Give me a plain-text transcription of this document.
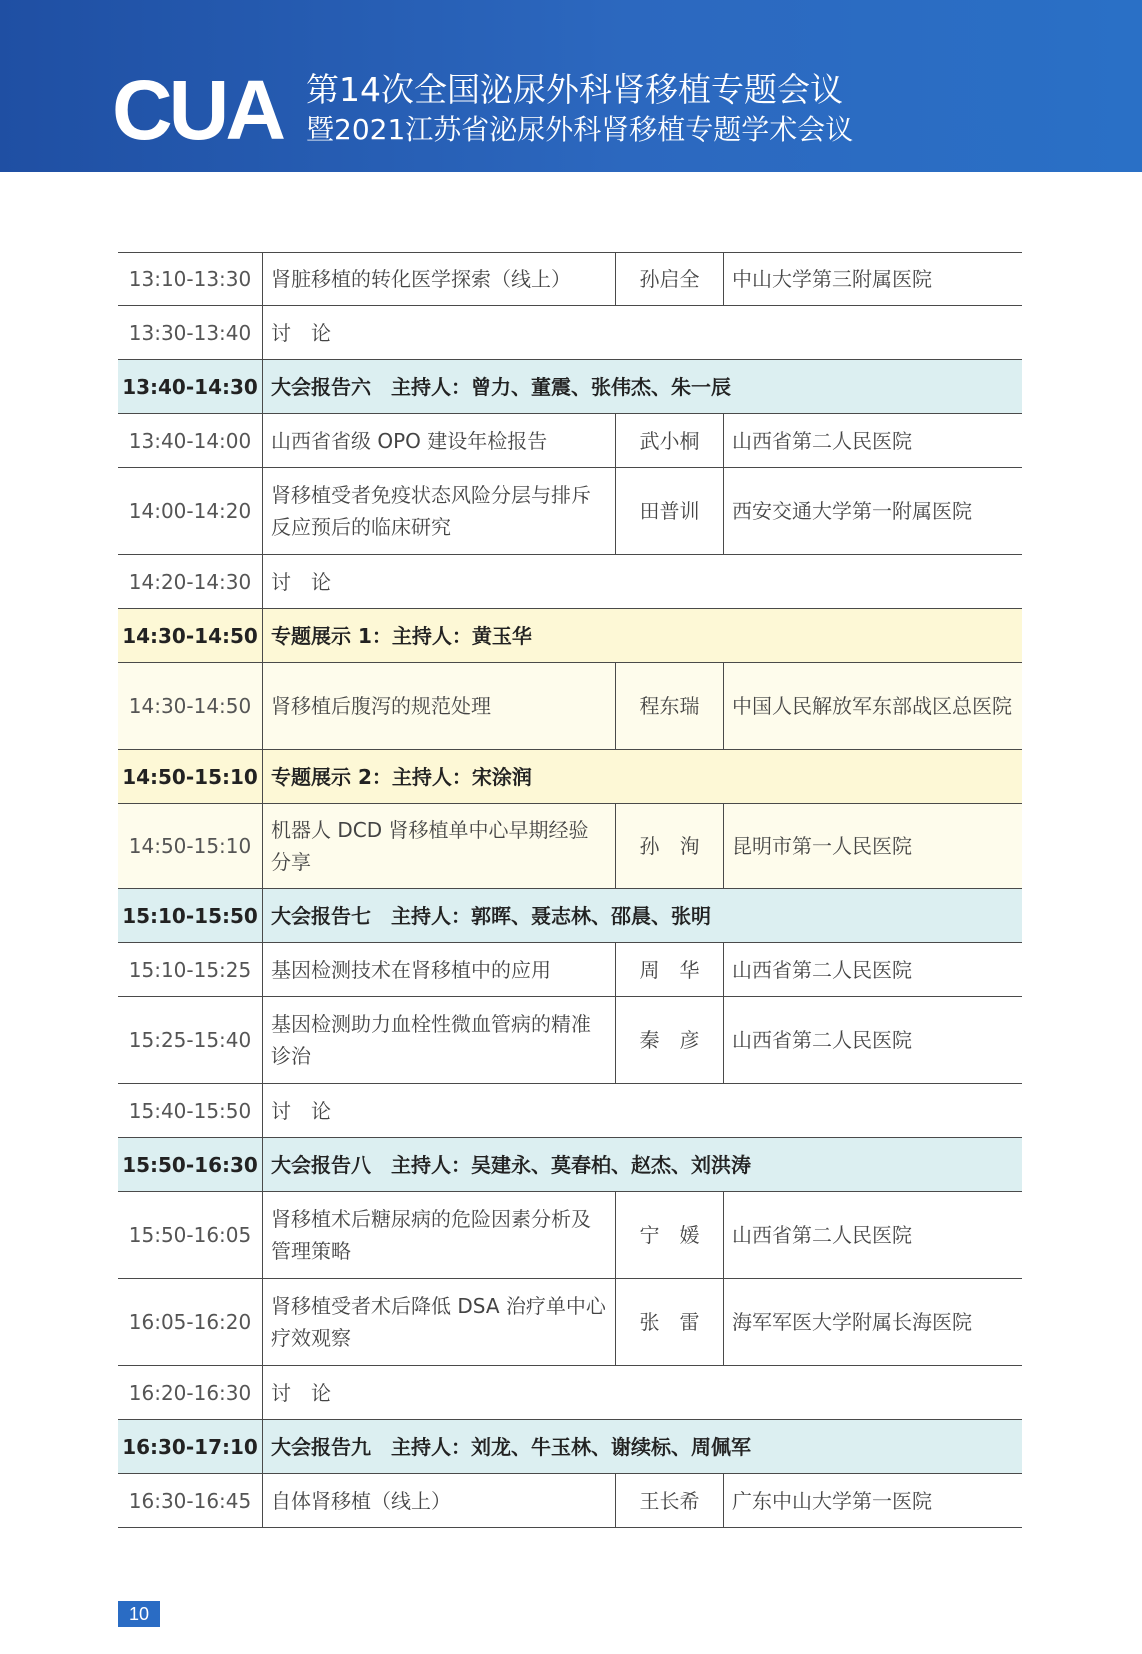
CUA 第14次全国泌尿外科肾移植专题会议
暨2021江苏省泌尿外科肾移植专题学术会议
13:10-13:30 肾脏移植的转化医学探索（线上）	孙启全	中山大学第三附属医院
13:30-13:40 讨　论
13:40-14:30 大会报告六　主持人：曾力、董震、张伟杰、朱一辰
13:40-14:00 山西省省级 OPO 建设年检报告	武小桐	山西省第二人民医院
14:00-14:20
肾移植受者免疫状态风险分层与排斥反应预后的临床研究
田普训	西安交通大学第一附属医院
14:20-14:30 讨　论
14:30-14:50 专题展示 1：主持人：黄玉华
14:30-14:50 肾移植后腹泻的规范处理	程东瑞	中国人民解放军东部战区总医院
14:50-15:10 专题展示 2：主持人：宋涂润
14:50-15:10
机器人 DCD 肾移植单中心早期经验分享
孙　洵	昆明市第一人民医院
15:10-15:50 大会报告七　主持人：郭晖、聂志林、邵晨、张明
15:10-15:25 基因检测技术在肾移植中的应用	周　华	山西省第二人民医院
15:25-15:40
基因检测助力血栓性微血管病的精准诊治
秦　彦	山西省第二人民医院
15:40-15:50 讨　论
15:50-16:30 大会报告八　主持人：吴建永、莫春柏、赵杰、刘洪涛
15:50-16:05
肾移植术后糖尿病的危险因素分析及管理策略
宁　媛	山西省第二人民医院
16:05-16:20
肾移植受者术后降低 DSA 治疗单中心疗效观察
张　雷	海军军医大学附属长海医院
16:20-16:30 讨　论
16:30-17:10 大会报告九　主持人：刘龙、牛玉林、谢续标、周佩军
16:30-16:45 自体肾移植（线上）	王长希	广东中山大学第一医院
10
